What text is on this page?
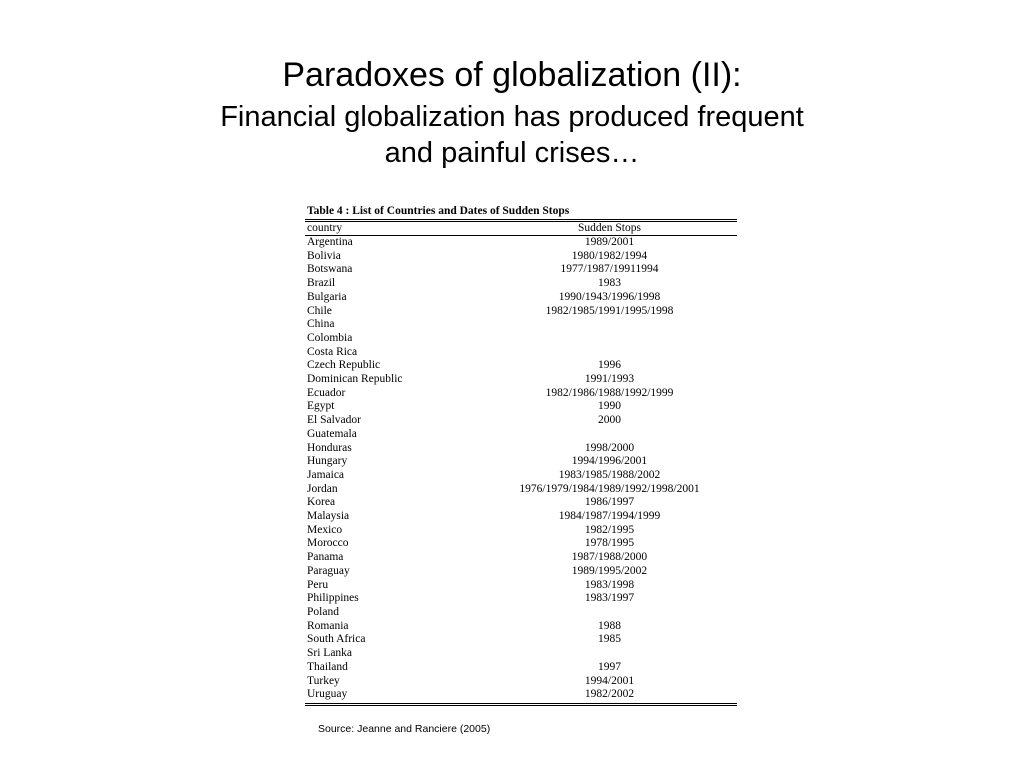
Paradoxes of globalization (II):
Financial globalization has produced frequent
and painful crises…
Table 4 : List of Countries and Dates of Sudden Stops
country	Sudden Stops
Argentina	1989/2001
Bolivia	1980/1982/1994
Botswana	1977/1987/19911994
Brazil	1983
Bulgaria	1990/1943/1996/1998
Chile	1982/1985/1991/1995/1998
China	
Colombia	
Costa Rica	
Czech Republic	1996
Dominican Republic	1991/1993
Ecuador	1982/1986/1988/1992/1999
Egypt	1990
El Salvador	2000
Guatemala	
Honduras	1998/2000
Hungary	1994/1996/2001
Jamaica	1983/1985/1988/2002
Jordan	1976/1979/1984/1989/1992/1998/2001
Korea	1986/1997
Malaysia	1984/1987/1994/1999
Mexico	1982/1995
Morocco	1978/1995
Panama	1987/1988/2000
Paraguay	1989/1995/2002
Peru	1983/1998
Philippines	1983/1997
Poland	
Romania	1988
South Africa	1985
Sri Lanka	
Thailand	1997
Turkey	1994/2001
Uruguay	1982/2002
Source: Jeanne and Ranciere (2005)
